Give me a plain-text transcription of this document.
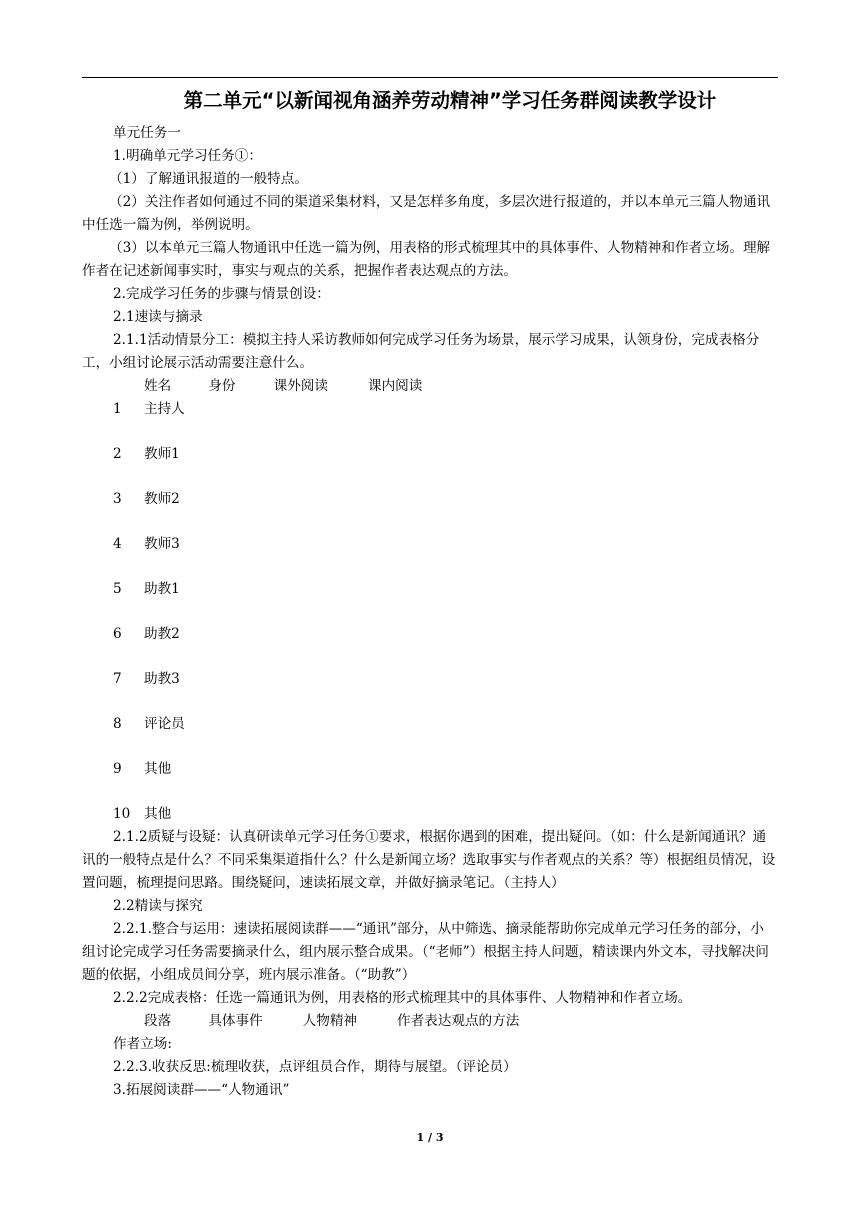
第二单元“以新闻视角涵养劳动精神”学习任务群阅读教学设计

单元任务一

1.明确单元学习任务①：

（1）了解通讯报道的一般特点。

（2）关注作者如何通过不同的渠道采集材料，又是怎样多角度，多层次进行报道的，并以本单元三篇人物通讯中任选一篇为例，举例说明。

（3）以本单元三篇人物通讯中任选一篇为例，用表格的形式梳理其中的具体事件、人物精神和作者立场。理解作者在记述新闻事实时，事实与观点的关系，把握作者表达观点的方法。

2.完成学习任务的步骤与情景创设：

2.1速读与摘录

2.1.1活动情景分工：模拟主持人采访教师如何完成学习任务为场景，展示学习成果，认领身份，完成表格分工，小组讨论展示活动需要注意什么。

姓名	身份	课外阅读	课内阅读

1 主持人
2 教师1
3 教师2
4 教师3
5 助教1
6 助教2
7 助教3
8 评论员
9 其他
10 其他

2.1.2质疑与设疑：认真研读单元学习任务①要求，根据你遇到的困难，提出疑问。（如：什么是新闻通讯？通讯的一般特点是什么？不同采集渠道指什么？什么是新闻立场？选取事实与作者观点的关系？等）根据组员情况，设置问题，梳理提问思路。围绕疑问，速读拓展文章，并做好摘录笔记。（主持人）

2.2精读与探究

2.2.1.整合与运用：速读拓展阅读群——“通讯”部分，从中筛选、摘录能帮助你完成单元学习任务的部分，小组讨论完成学习任务需要摘录什么，组内展示整合成果。（“老师”）根据主持人问题，精读课内外文本，寻找解决问题的依据，小组成员间分享，班内展示准备。（“助教”）

2.2.2完成表格：任选一篇通讯为例，用表格的形式梳理其中的具体事件、人物精神和作者立场。

段落	具体事件	人物精神	作者表达观点的方法

作者立场:

2.2.3.收获反思:梳理收获，点评组员合作，期待与展望。（评论员）

3.拓展阅读群——“人物通讯”

1 / 3
